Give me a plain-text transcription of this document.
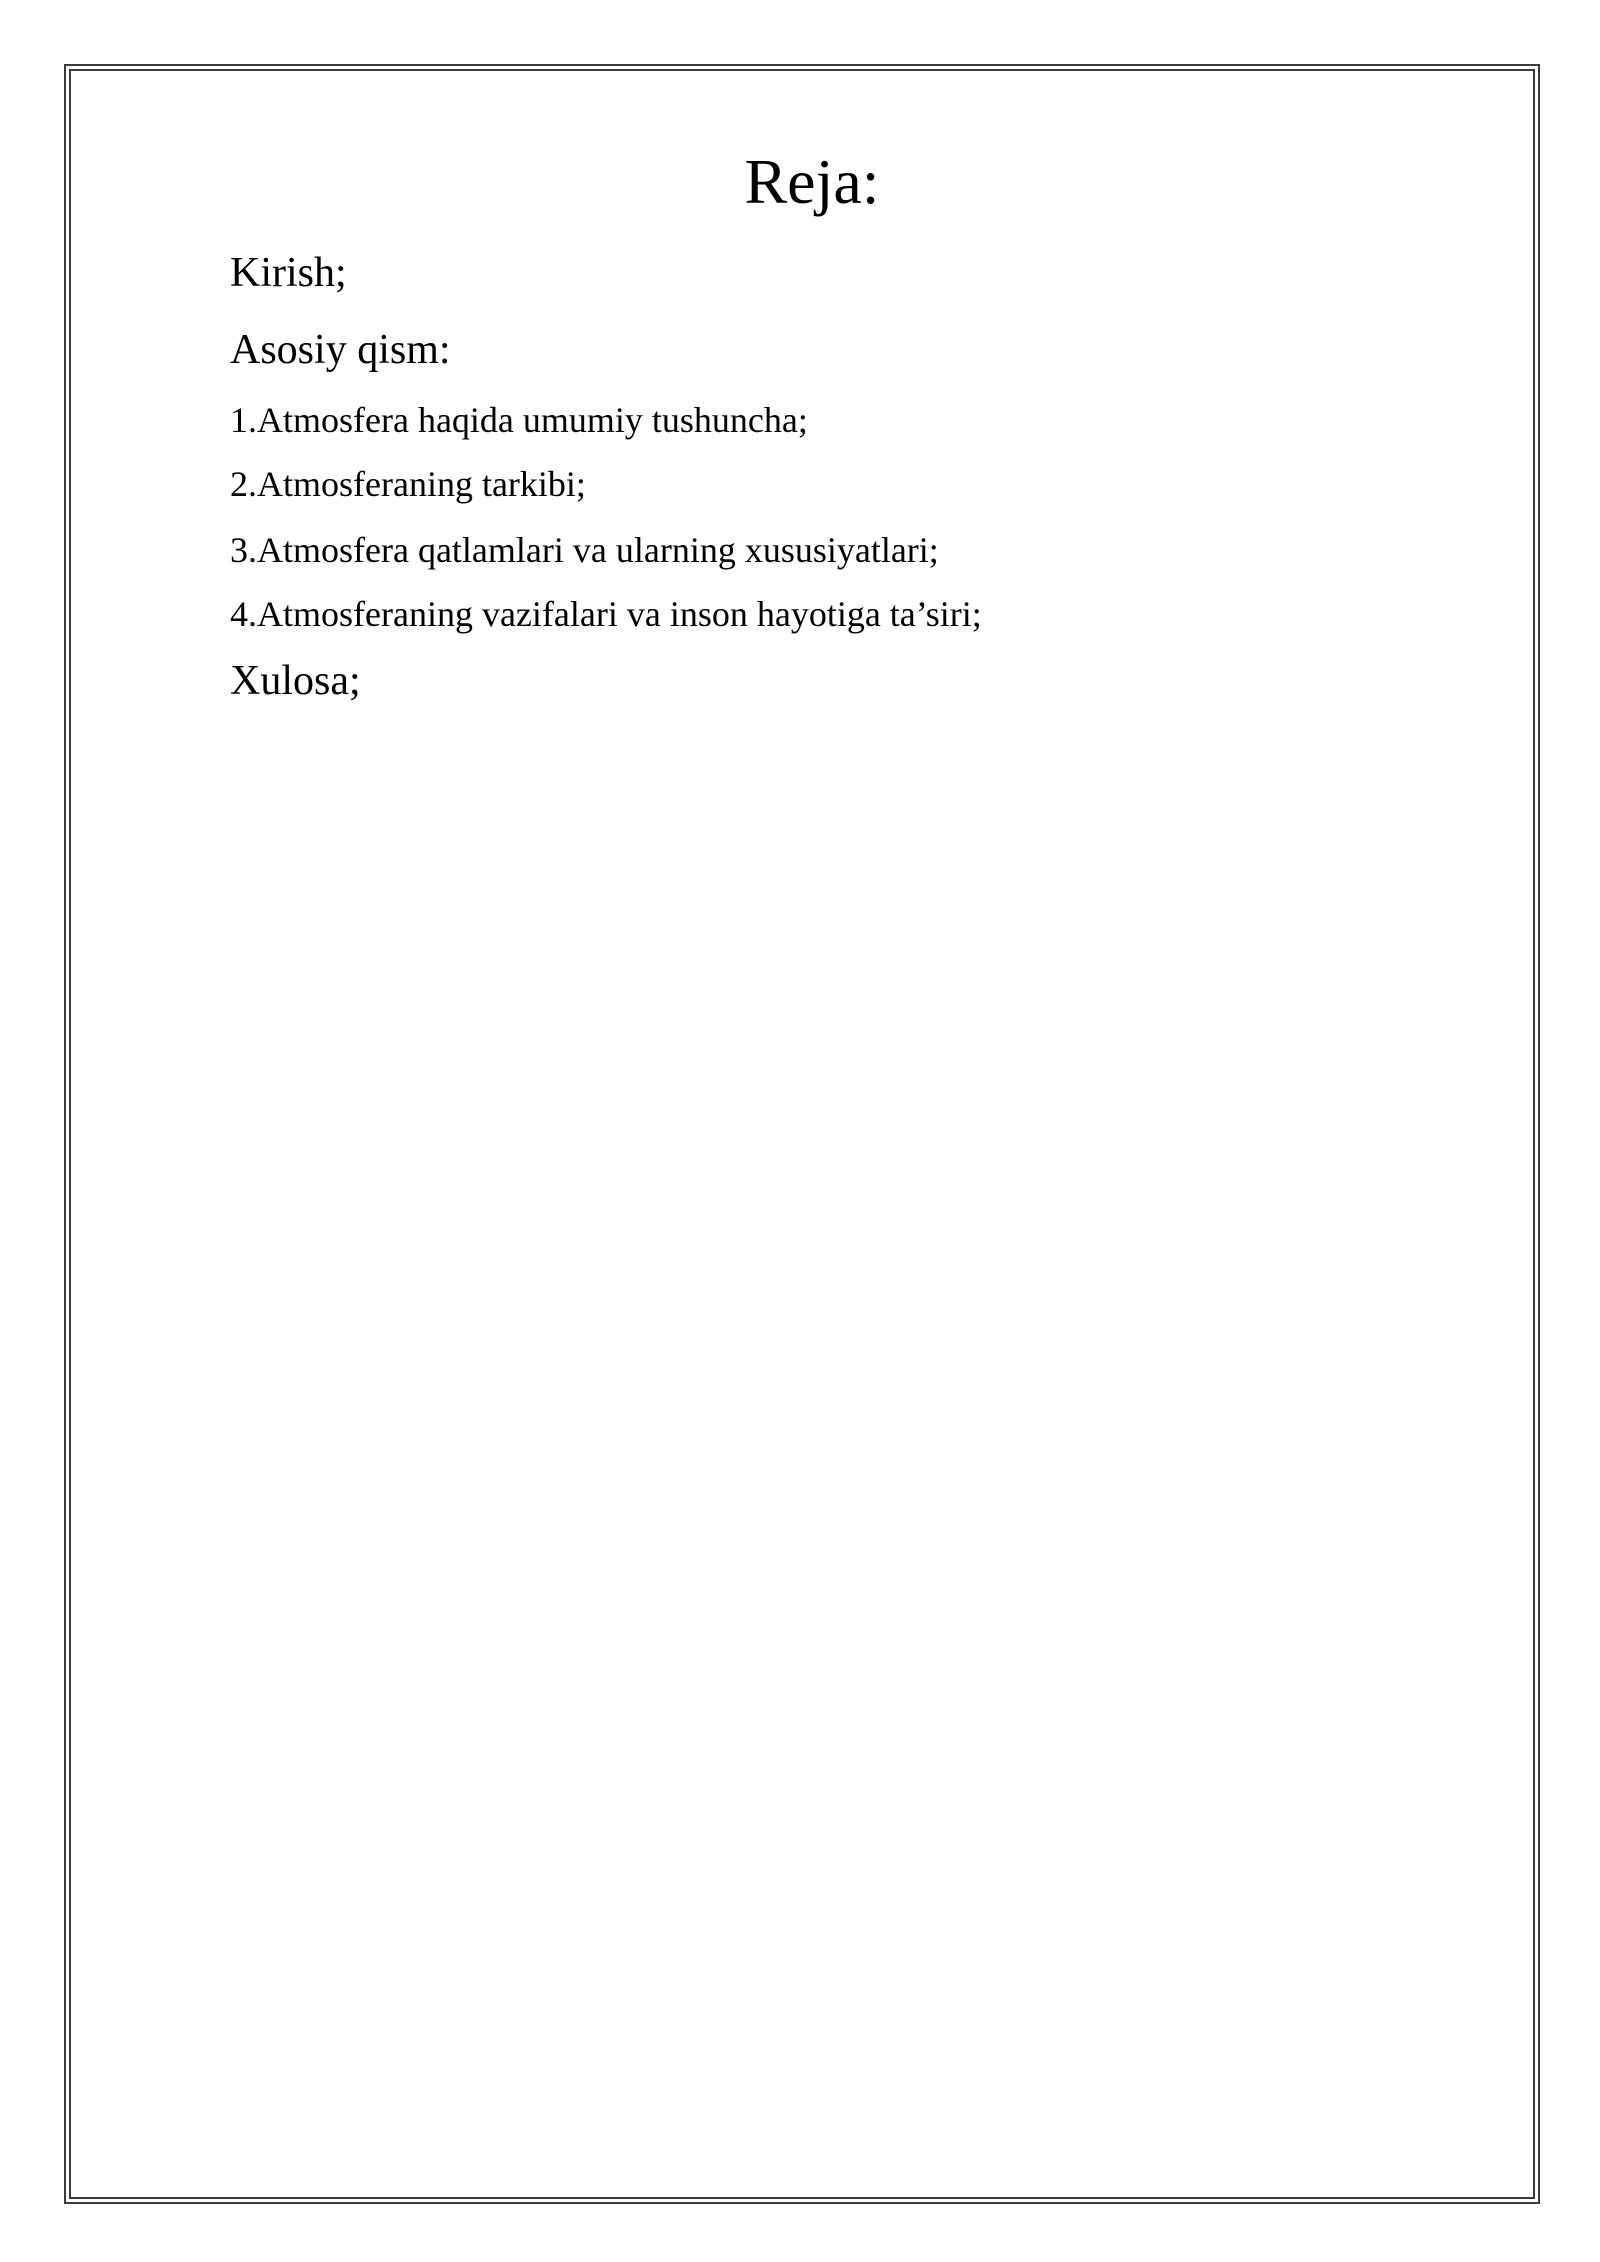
Reja:

Kirish;

Asosiy qism:

1.Atmosfera haqida umumiy tushuncha;

2.Atmosferaning tarkibi;

3.Atmosfera qatlamlari va ularning xususiyatlari;

4.Atmosferaning vazifalari va inson hayotiga ta’siri;

Xulosa;
